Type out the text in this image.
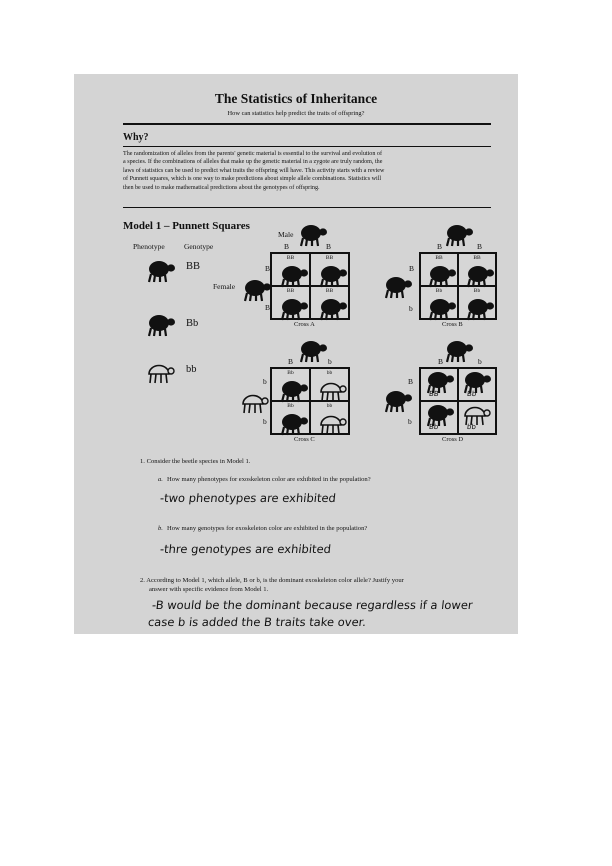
The Statistics of Inheritance
How can statistics help predict the traits of offspring?
Why?
The randomization of alleles from the parents' genetic material is essential to the survival and evolution of
a species. If the combinations of alleles that make up the genetic material in a zygote are truly random, the
laws of statistics can be used to predict what traits the offspring will have. This activity starts with a review
of Punnett squares, which is one way to make predictions about simple allele combinations. Statistics will
then be used to make mathematical predictions about the genotypes of offspring.
Model 1 – Punnett Squares
Phenotype	Genotype
BB
Bb
bb
Male
B	B
B
B
Female
BB	BB
BB	BB
Cross A
B	B
B
b
BB	BB
Bb	Bb
Cross B
B	b
b
b
Bb	bb
Bb	bb
Cross C
B	b
B
b
BB	Bb
Bb	bb
Cross D
1. Consider the beetle species in Model 1.
a. How many phenotypes for exoskeleton color are exhibited in the population?
-two phenotypes are exhibited
b. How many genotypes for exoskeleton color are exhibited in the population?
-thre genotypes are exhibited
2. According to Model 1, which allele, B or b, is the dominant exoskeleton color allele? Justify your
answer with specific evidence from Model 1.
-B would be the dominant because regardless if a lower
case b is added the B traits take over.
